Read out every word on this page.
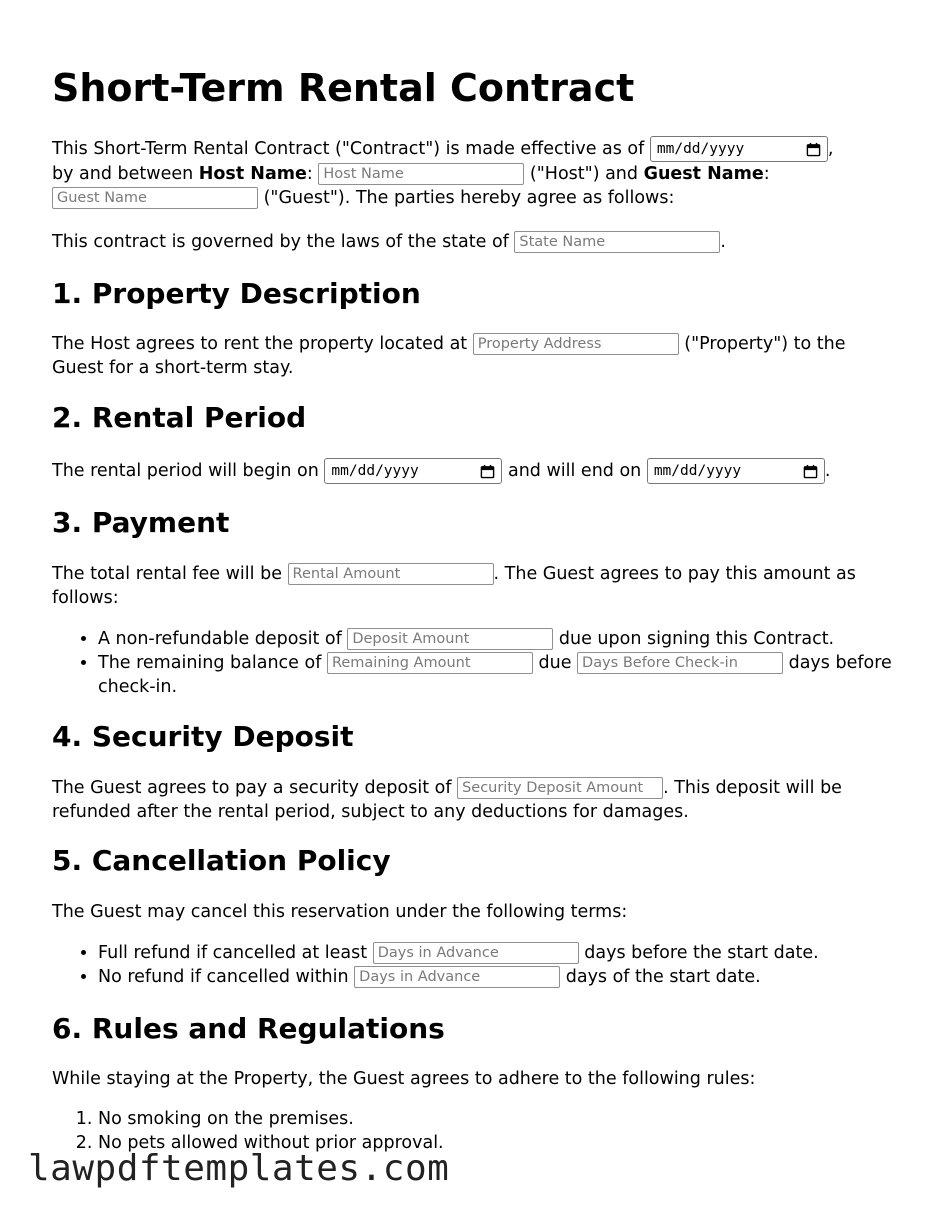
Short-Term Rental Contract
This Short-Term Rental Contract ("Contract") is made effective as of mm/dd/yyyy	,
by and between Host Name: Host Name	("Host") and Guest Name:
Guest Name	("Guest"). The parties hereby agree as follows:
This contract is governed by the laws of the state of State Name	.
1. Property Description
The Host agrees to rent the property located at Property Address	("Property") to the Guest for a short-term stay.
2. Rental Period
The rental period will begin on mm/dd/yyyy	and will end on mm/dd/yyyy	.
3. Payment
The total rental fee will be Rental Amount	. The Guest agrees to pay this amount as follows:
• A non-refundable deposit of Deposit Amount	due upon signing this Contract.
• The remaining balance of Remaining Amount	due Days Before Check-in	days before check-in.
4. Security Deposit
The Guest agrees to pay a security deposit of Security Deposit Amount . This deposit will be refunded after the rental period, subject to any deductions for damages.
5. Cancellation Policy
The Guest may cancel this reservation under the following terms:
• Full refund if cancelled at least Days in Advance	days before the start date.
• No refund if cancelled within Days in Advance	days of the start date.
6. Rules and Regulations
While staying at the Property, the Guest agrees to adhere to the following rules:
1. No smoking on the premises.
2. No pets allowed without prior approval.
lawpdftemplates.com
